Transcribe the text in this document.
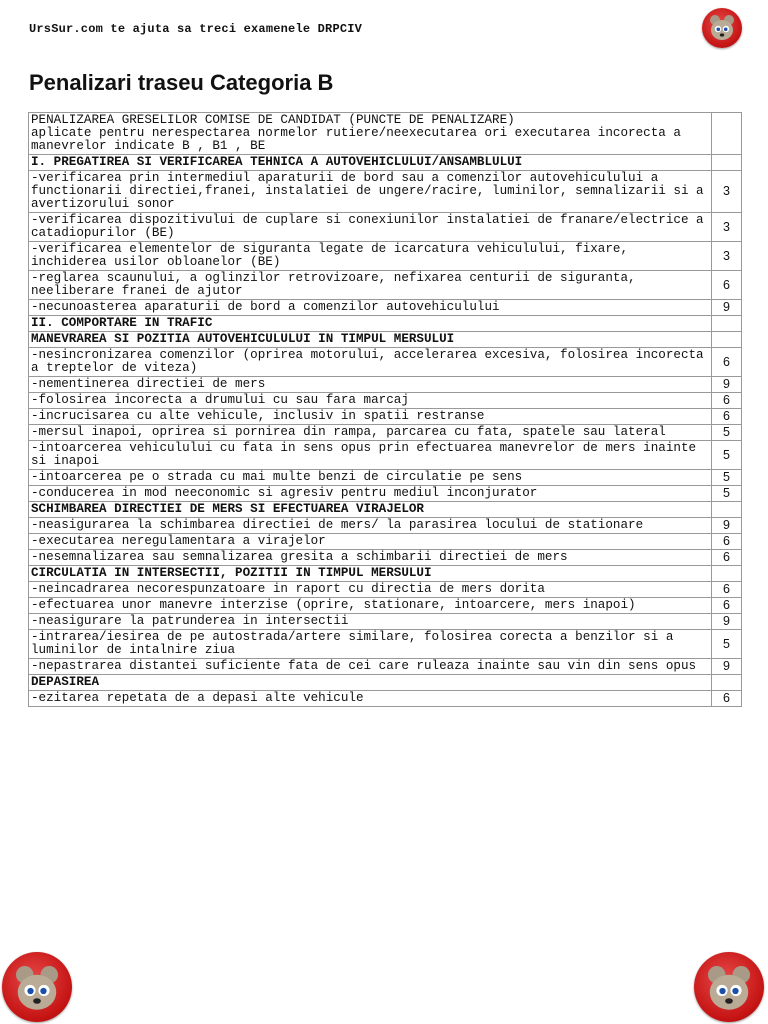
UrsSur.com te ajuta sa treci examenele DRPCIV
Penalizari traseu Categoria B
PENALIZAREA GRESELILOR COMISE DE CANDIDAT (PUNCTE DE PENALIZARE)
aplicate pentru nerespectarea normelor rutiere/neexecutarea ori executarea incorecta a manevrelor indicate B , B1 , BE	

I. PREGATIREA SI VERIFICAREA TEHNICA A AUTOVEHICLULUI/ANSAMBLULUI	
-verificarea prin intermediul aparaturii de bord sau a comenzilor autovehiculului a functionarii directiei,franei, instalatiei de ungere/racire, luminilor, semnalizarii si a avertizorului sonor	3
-verificarea dispozitivului de cuplare si conexiunilor instalatiei de franare/electrice a catadiopurilor (BE)	3
-verificarea elementelor de siguranta legate de icarcatura vehiculului, fixare, inchiderea usilor obloanelor (BE)	3
-reglarea scaunului, a oglinzilor retrovizoare, nefixarea centurii de siguranta, neeliberare franei de ajutor	6
-necunoasterea aparaturii de bord a comenzilor autovehiculului	9
II. COMPORTARE IN TRAFIC	
MANEVRAREA SI POZITIA AUTOVEHICULULUI IN TIMPUL MERSULUI	
-nesincronizarea comenzilor (oprirea motorului, accelerarea excesiva, folosirea incorecta a treptelor de viteza)	6
-nementinerea directiei de mers	9
-folosirea incorecta a drumului cu sau fara marcaj	6
-incrucisarea cu alte vehicule, inclusiv in spatii restranse	6
-mersul inapoi, oprirea si pornirea din rampa, parcarea cu fata, spatele sau lateral	5
-intoarcerea vehiculului cu fata in sens opus prin efectuarea manevrelor de mers inainte si inapoi	5
-intoarcerea pe o strada cu mai multe benzi de circulatie pe sens	5
-conducerea in mod neeconomic si agresiv pentru mediul inconjurator	5
SCHIMBAREA DIRECTIEI DE MERS SI EFECTUAREA VIRAJELOR	
-neasigurarea la schimbarea directiei de mers/ la parasirea locului de stationare	9
-executarea neregulamentara a virajelor	6
-nesemnalizarea sau semnalizarea gresita a schimbarii directiei de mers	6
CIRCULATIA IN INTERSECTII, POZITII IN TIMPUL MERSULUI	
-neincadrarea necorespunzatoare in raport cu directia de mers dorita	6
-efectuarea unor manevre interzise (oprire, stationare, intoarcere, mers inapoi)	6
-neasigurare la patrunderea in intersectii	9
-intrarea/iesirea de pe autostrada/artere similare, folosirea corecta a benzilor si a luminilor de intalnire ziua	5
-nepastrarea distantei suficiente fata de cei care ruleaza inainte sau vin din sens opus	9
DEPASIREA	
-ezitarea repetata de a depasi alte vehicule	6
